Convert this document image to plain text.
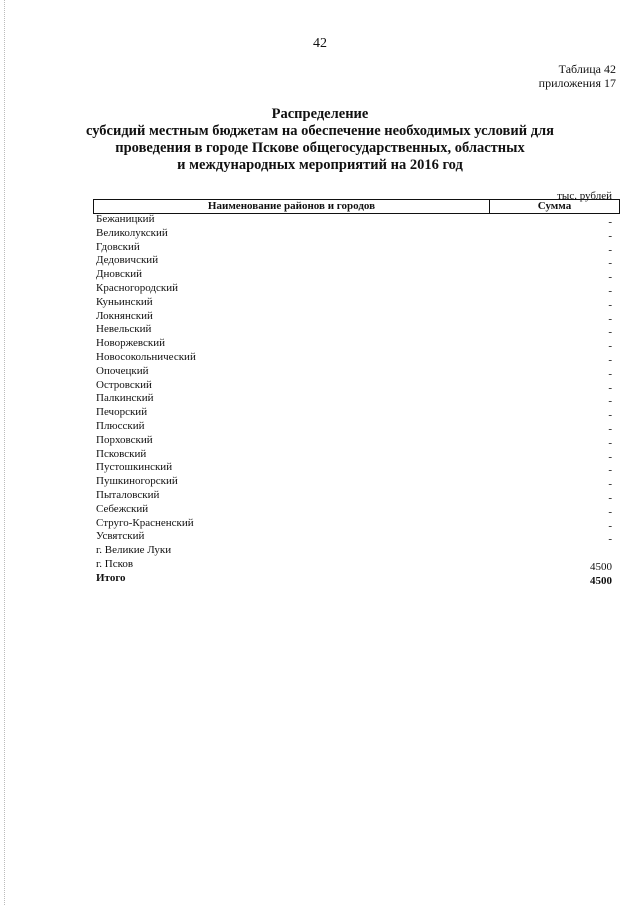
42
Таблица 42
приложения 17
Распределение
субсидий местным бюджетам на обеспечение необходимых условий для
проведения в городе Пскове общегосударственных, областных
и международных мероприятий на 2016 год
тыс. рублей
Наименование районов и городов	Сумма
Бежаницкий	-
Великолукский	-
Гдовский	-
Дедовичский	-
Дновский	-
Красногородский	-
Куньинский	-
Локнянский	-
Невельский	-
Новоржевский	-
Новосокольнический	-
Опочецкий	-
Островский	-
Палкинский	-
Печорский	-
Плюсский	-
Порховский	-
Псковский	-
Пустошкинский	-
Пушкиногорский	-
Пыталовский	-
Себежский	-
Струго-Красненский	-
Усвятский	-
г. Великие Луки
г. Псков	4500
Итого	4500
